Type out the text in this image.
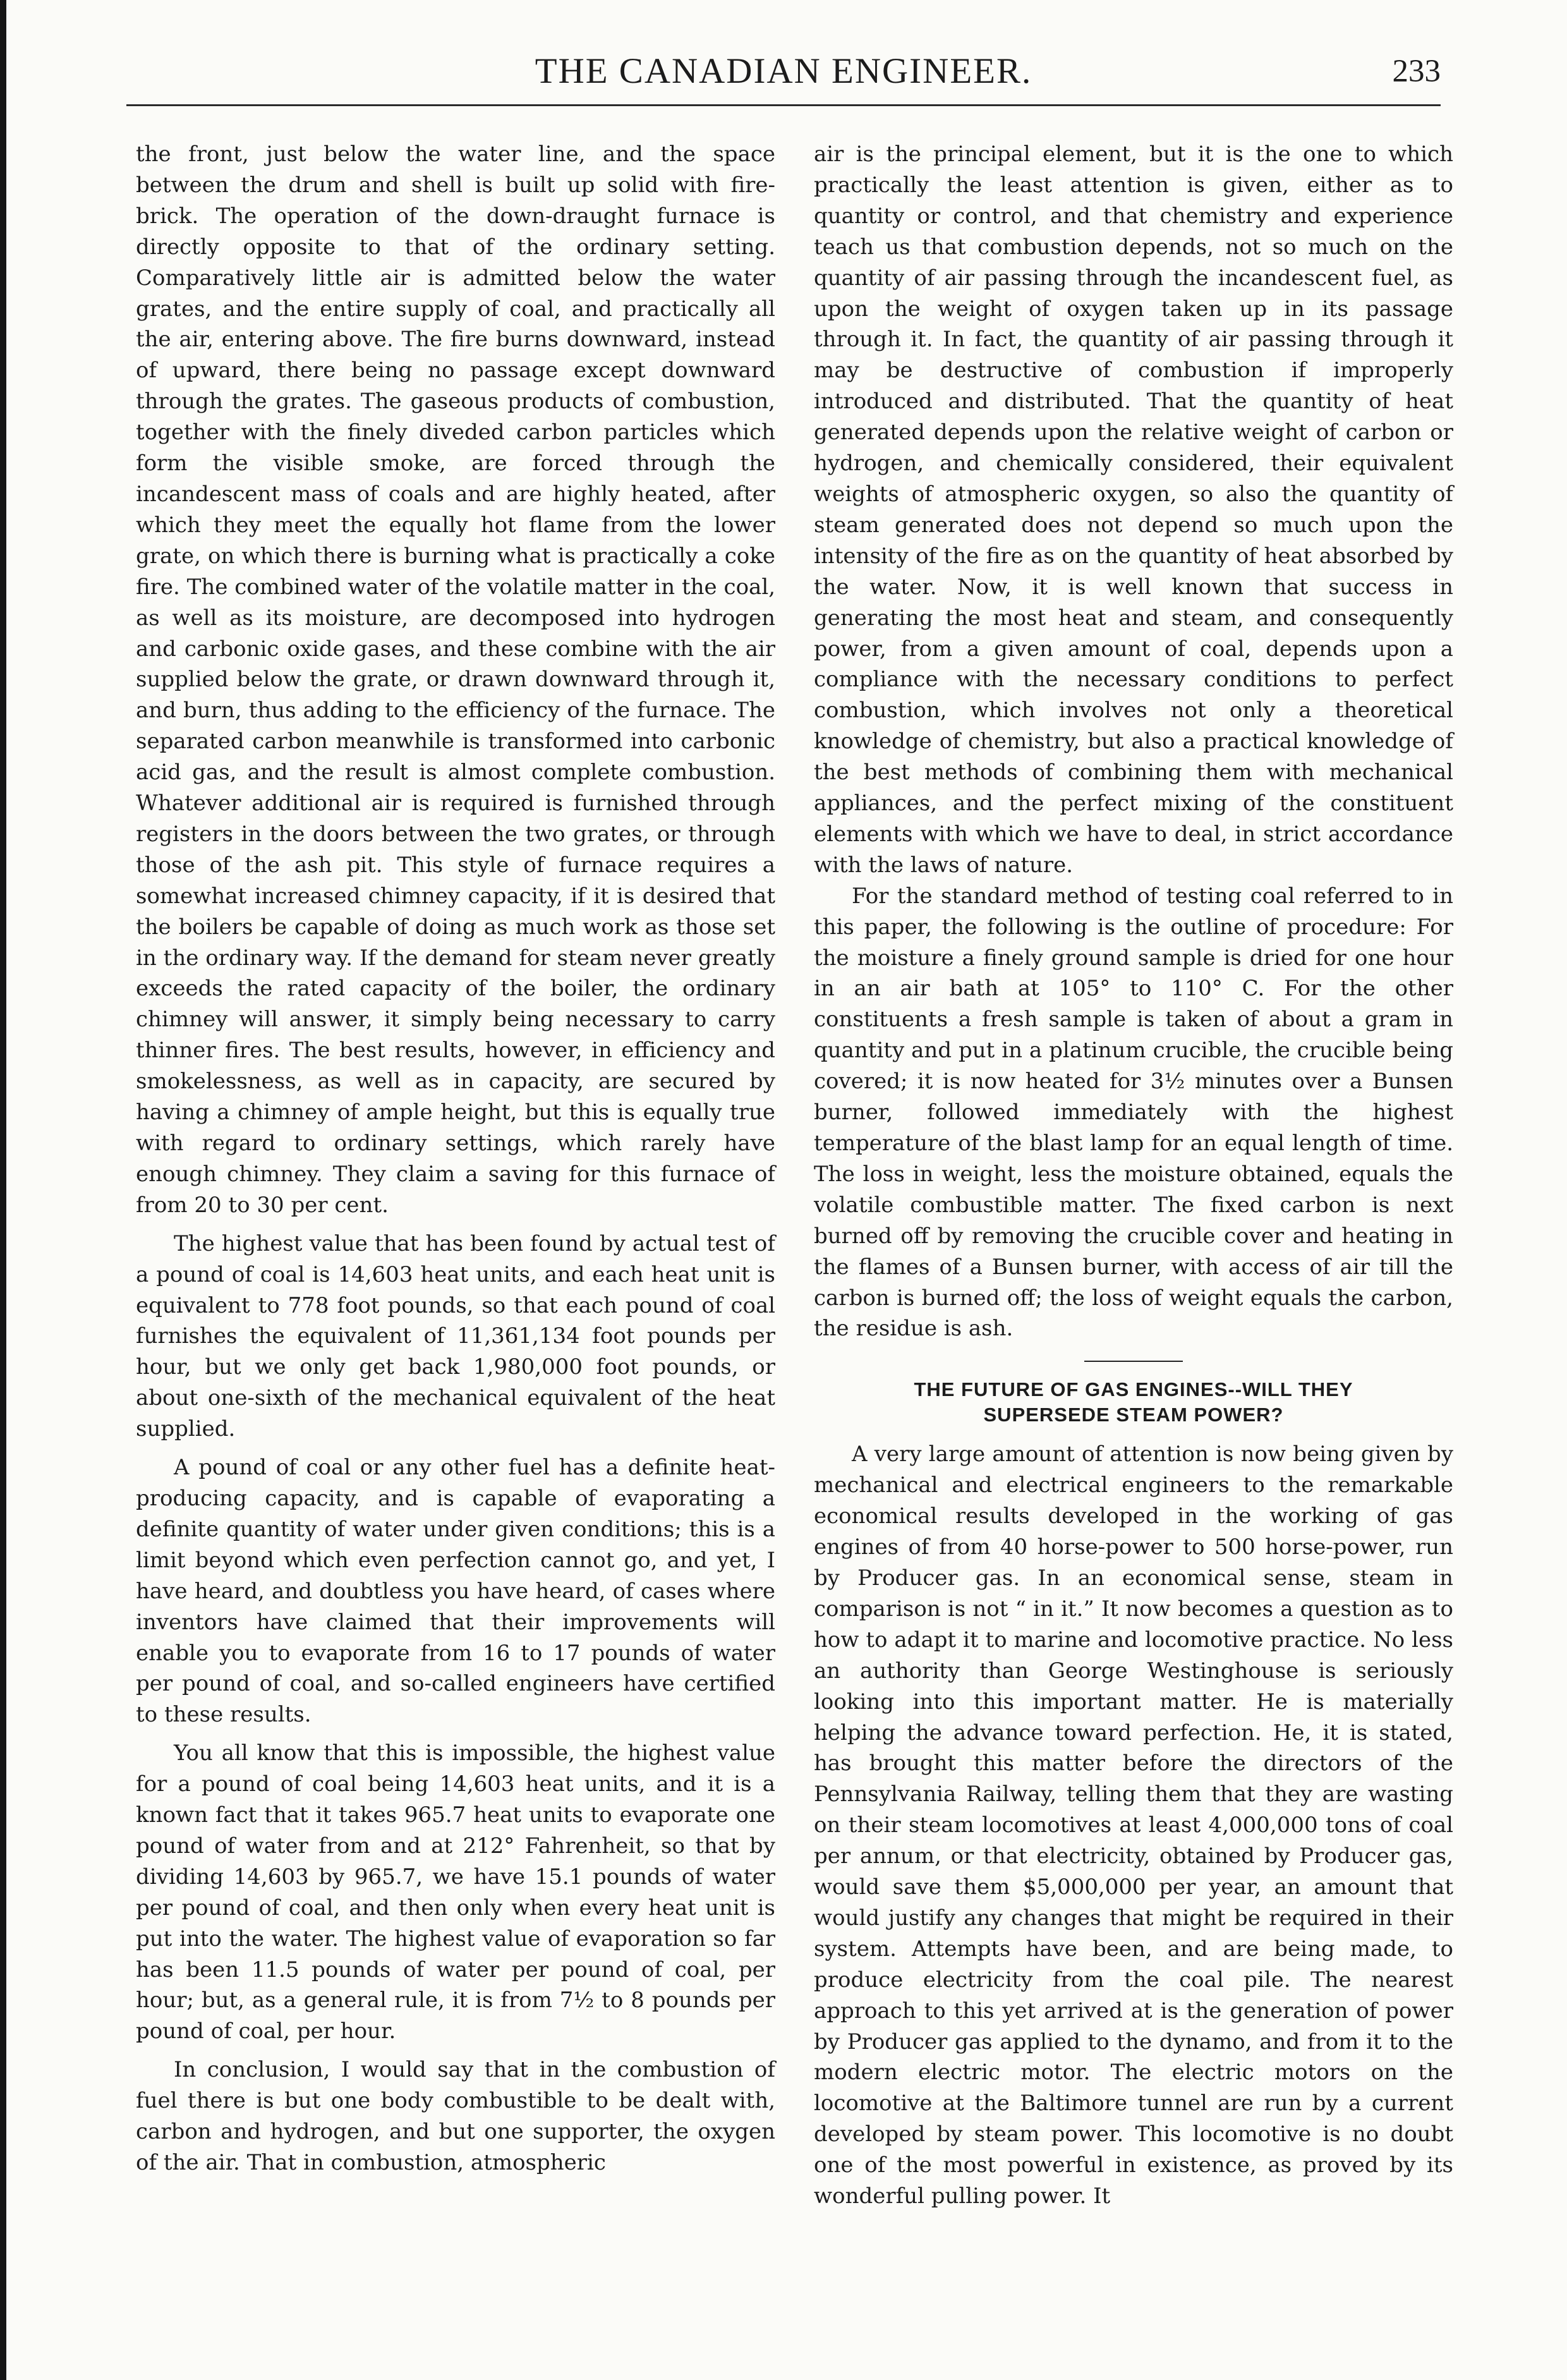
THE CANADIAN ENGINEER.	233

the front, just below the water line, and the space between the drum and shell is built up solid with fire-brick. The operation of the down-draught furnace is directly opposite to that of the ordinary setting. Comparatively little air is admitted below the water grates, and the entire supply of coal, and practically all the air, entering above. The fire burns downward, instead of upward, there being no passage except downward through the grates. The gaseous products of combustion, together with the finely diveded carbon particles which form the visible smoke, are forced through the incandescent mass of coals and are highly heated, after which they meet the equally hot flame from the lower grate, on which there is burning what is practically a coke fire. The combined water of the volatile matter in the coal, as well as its moisture, are decomposed into hydrogen and carbonic oxide gases, and these combine with the air supplied below the grate, or drawn downward through it, and burn, thus adding to the efficiency of the furnace. The separated carbon meanwhile is transformed into carbonic acid gas, and the result is almost complete combustion. Whatever additional air is required is furnished through registers in the doors between the two grates, or through those of the ash pit. This style of furnace requires a somewhat increased chimney capacity, if it is desired that the boilers be capable of doing as much work as those set in the ordinary way. If the demand for steam never greatly exceeds the rated capacity of the boiler, the ordinary chimney will answer, it simply being necessary to carry thinner fires. The best results, however, in efficiency and smokelessness, as well as in capacity, are secured by having a chimney of ample height, but this is equally true with regard to ordinary settings, which rarely have enough chimney. They claim a saving for this furnace of from 20 to 30 per cent.

The highest value that has been found by actual test of a pound of coal is 14,603 heat units, and each heat unit is equivalent to 778 foot pounds, so that each pound of coal furnishes the equivalent of 11,361,134 foot pounds per hour, but we only get back 1,980,000 foot pounds, or about one-sixth of the mechanical equivalent of the heat supplied.

A pound of coal or any other fuel has a definite heat-producing capacity, and is capable of evaporating a definite quantity of water under given conditions; this is a limit beyond which even perfection cannot go, and yet, I have heard, and doubtless you have heard, of cases where inventors have claimed that their improvements will enable you to evaporate from 16 to 17 pounds of water per pound of coal, and so-called engineers have certified to these results.

You all know that this is impossible, the highest value for a pound of coal being 14,603 heat units, and it is a known fact that it takes 965.7 heat units to evaporate one pound of water from and at 212° Fahrenheit, so that by dividing 14,603 by 965.7, we have 15.1 pounds of water per pound of coal, and then only when every heat unit is put into the water. The highest value of evaporation so far has been 11.5 pounds of water per pound of coal, per hour; but, as a general rule, it is from 7½ to 8 pounds per pound of coal, per hour.

In conclusion, I would say that in the combustion of fuel there is but one body combustible to be dealt with, carbon and hydrogen, and but one supporter, the oxygen of the air. That in combustion, atmospheric

air is the principal element, but it is the one to which practically the least attention is given, either as to quantity or control, and that chemistry and experience teach us that combustion depends, not so much on the quantity of air passing through the incandescent fuel, as upon the weight of oxygen taken up in its passage through it. In fact, the quantity of air passing through it may be destructive of combustion if improperly introduced and distributed. That the quantity of heat generated depends upon the relative weight of carbon or hydrogen, and chemically considered, their equivalent weights of atmospheric oxygen, so also the quantity of steam generated does not depend so much upon the intensity of the fire as on the quantity of heat absorbed by the water. Now, it is well known that success in generating the most heat and steam, and consequently power, from a given amount of coal, depends upon a compliance with the necessary conditions to perfect combustion, which involves not only a theoretical knowledge of chemistry, but also a practical knowledge of the best methods of combining them with mechanical appliances, and the perfect mixing of the constituent elements with which we have to deal, in strict accordance with the laws of nature.

For the standard method of testing coal referred to in this paper, the following is the outline of procedure: For the moisture a finely ground sample is dried for one hour in an air bath at 105° to 110° C. For the other constituents a fresh sample is taken of about a gram in quantity and put in a platinum crucible, the crucible being covered; it is now heated for 3½ minutes over a Bunsen burner, followed immediately with the highest temperature of the blast lamp for an equal length of time. The loss in weight, less the moisture obtained, equals the volatile combustible matter. The fixed carbon is next burned off by removing the crucible cover and heating in the flames of a Bunsen burner, with access of air till the carbon is burned off; the loss of weight equals the carbon, the residue is ash.

THE FUTURE OF GAS ENGINES--WILL THEY
SUPERSEDE STEAM POWER?

A very large amount of attention is now being given by mechanical and electrical engineers to the remarkable economical results developed in the working of gas engines of from 40 horse-power to 500 horse-power, run by Producer gas. In an economical sense, steam in comparison is not “ in it.” It now becomes a question as to how to adapt it to marine and locomotive practice. No less an authority than George Westinghouse is seriously looking into this important matter. He is materially helping the advance toward perfection. He, it is stated, has brought this matter before the directors of the Pennsylvania Railway, telling them that they are wasting on their steam locomotives at least 4,000,000 tons of coal per annum, or that electricity, obtained by Producer gas, would save them $5,000,000 per year, an amount that would justify any changes that might be required in their system. Attempts have been, and are being made, to produce electricity from the coal pile. The nearest approach to this yet arrived at is the generation of power by Producer gas applied to the dynamo, and from it to the modern electric motor. The electric motors on the locomotive at the Baltimore tunnel are run by a current developed by steam power. This locomotive is no doubt one of the most powerful in existence, as proved by its wonderful pulling power. It
